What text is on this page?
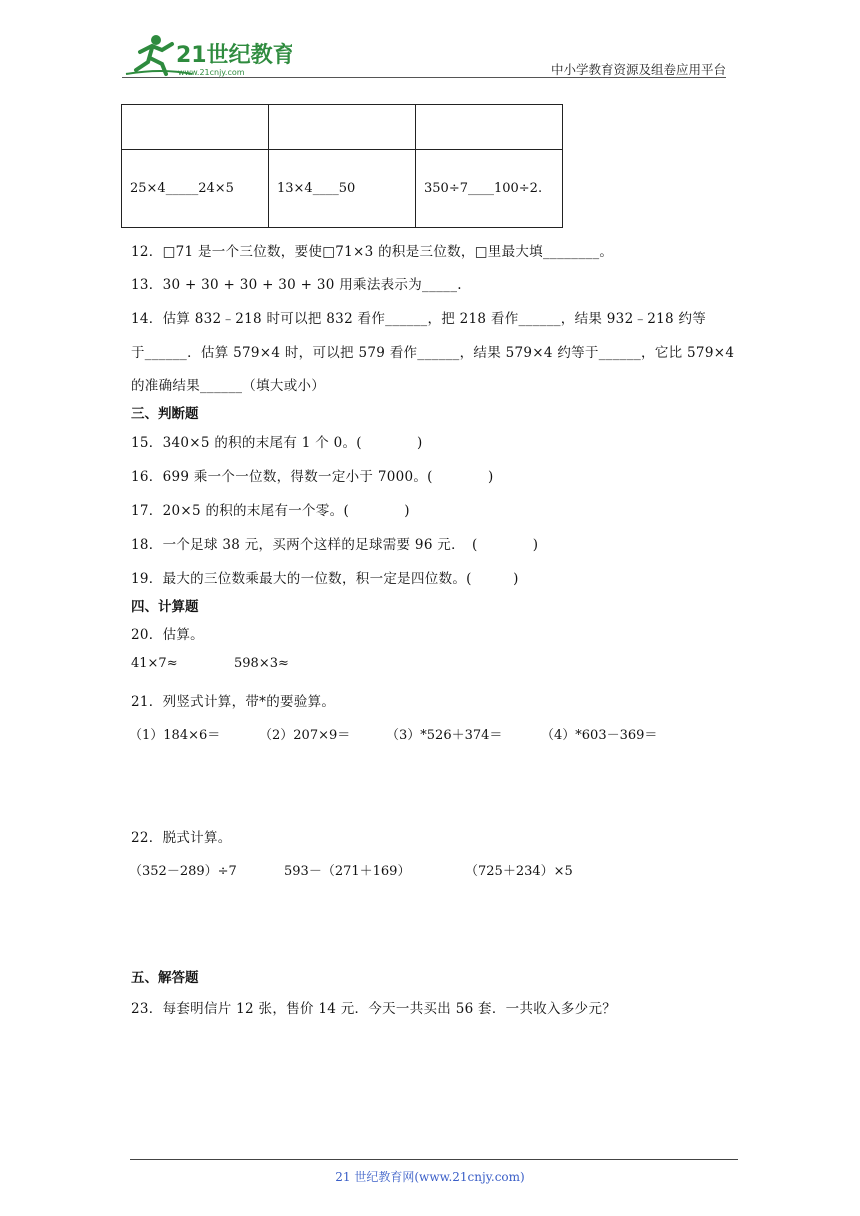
21世纪教育
www.21cnjy.com	中小学教育资源及组卷应用平台

25×4_____24×5	13×4____50	350÷7____100÷2.
12．□71 是一个三位数，要使□71×3 的积是三位数，□里最大填________。
13．30 + 30 + 30 + 30 + 30 用乘法表示为_____.
14．估算 832﹣218 时可以把 832 看作______，把 218 看作______，结果 932﹣218 约等
于______．估算 579×4 时，可以把 579 看作______，结果 579×4 约等于______，它比 579×4
的准确结果______（填大或小）
三、判断题
15．340×5 的积的末尾有 1 个 0。(　　　　)
16．699 乘一个一位数，得数一定小于 7000。(　　　　)
17．20×5 的积的末尾有一个零。(　　　　)
18．一个足球 38 元，买两个这样的足球需要 96 元．　(　　　　)
19．最大的三位数乘最大的一位数，积一定是四位数。(　　　)
四、计算题
20．估算。
41×7≈	598×3≈
21．列竖式计算，带*的要验算。
（1）184×6＝	（2）207×9＝	（3）*526＋374＝	（4）*603－369＝
22．脱式计算。
（352－289）÷7	593－（271＋169）	（725＋234）×5
五、解答题
23．每套明信片 12 张，售价 14 元．今天一共买出 56 套．一共收入多少元？
21 世纪教育网(www.21cnjy.com)
